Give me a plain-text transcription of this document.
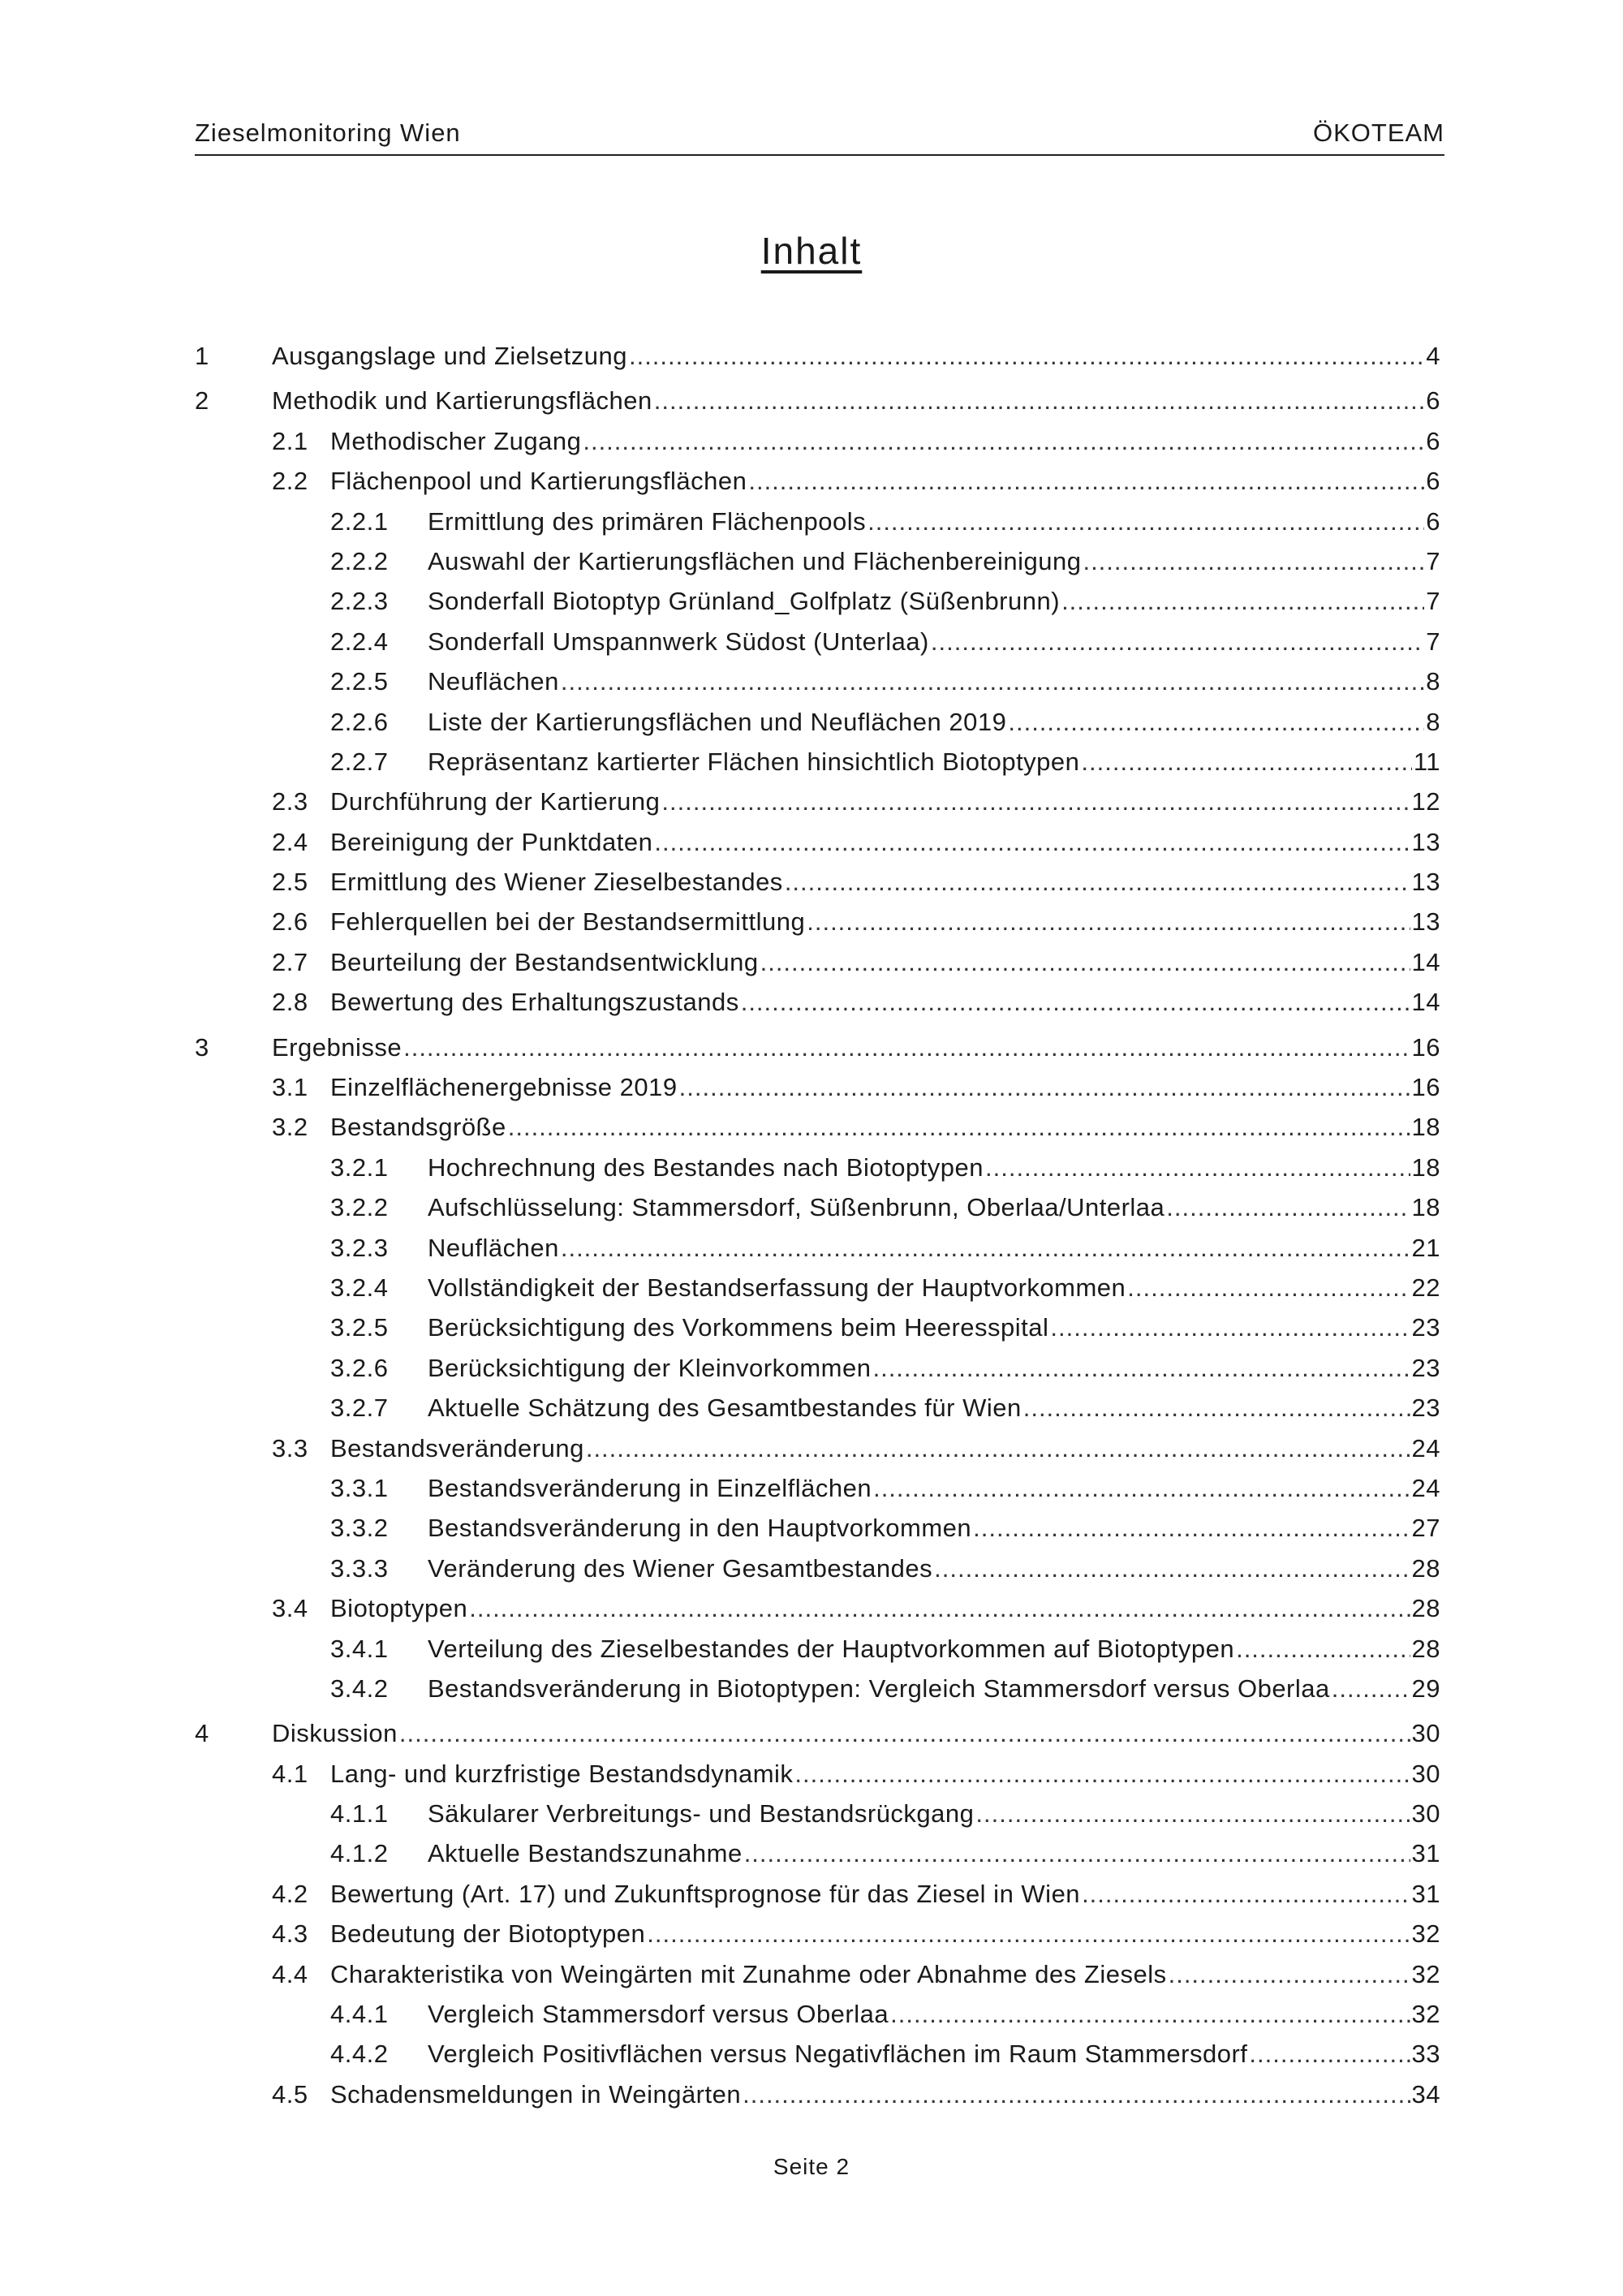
Zieselmonitoring Wien	ÖKOTEAM
Inhalt
1 Ausgangslage und Zielsetzung .....	4
2 Methodik und Kartierungsflächen .....	6
2.1 Methodischer Zugang .....	6
2.2 Flächenpool und Kartierungsflächen .....	6
2.2.1 Ermittlung des primären Flächenpools .....	6
2.2.2 Auswahl der Kartierungsflächen und Flächenbereinigung .....	7
2.2.3 Sonderfall Biotoptyp Grünland_Golfplatz (Süßenbrunn) .....	7
2.2.4 Sonderfall Umspannwerk Südost (Unterlaa) .....	7
2.2.5 Neuflächen .....	8
2.2.6 Liste der Kartierungsflächen und Neuflächen 2019 .....	8
2.2.7 Repräsentanz kartierter Flächen hinsichtlich Biotoptypen .....	11
2.3 Durchführung der Kartierung .....	12
2.4 Bereinigung der Punktdaten .....	13
2.5 Ermittlung des Wiener Zieselbestandes .....	13
2.6 Fehlerquellen bei der Bestandsermittlung .....	13
2.7 Beurteilung der Bestandsentwicklung .....	14
2.8 Bewertung des Erhaltungszustands .....	14
3 Ergebnisse .....	16
3.1 Einzelflächenergebnisse 2019 .....	16
3.2 Bestandsgröße .....	18
3.2.1 Hochrechnung des Bestandes nach Biotoptypen .....	18
3.2.2 Aufschlüsselung: Stammersdorf, Süßenbrunn, Oberlaa/Unterlaa .....	18
3.2.3 Neuflächen .....	21
3.2.4 Vollständigkeit der Bestandserfassung der Hauptvorkommen .....	22
3.2.5 Berücksichtigung des Vorkommens beim Heeresspital .....	23
3.2.6 Berücksichtigung der Kleinvorkommen .....	23
3.2.7 Aktuelle Schätzung des Gesamtbestandes für Wien .....	23
3.3 Bestandsveränderung .....	24
3.3.1 Bestandsveränderung in Einzelflächen .....	24
3.3.2 Bestandsveränderung in den Hauptvorkommen .....	27
3.3.3 Veränderung des Wiener Gesamtbestandes .....	28
3.4 Biotoptypen .....	28
3.4.1 Verteilung des Zieselbestandes der Hauptvorkommen auf Biotoptypen .....	28
3.4.2 Bestandsveränderung in Biotoptypen: Vergleich Stammersdorf versus Oberlaa .....	29
4 Diskussion .....	30
4.1 Lang- und kurzfristige Bestandsdynamik .....	30
4.1.1 Säkularer Verbreitungs- und Bestandsrückgang .....	30
4.1.2 Aktuelle Bestandszunahme .....	31
4.2 Bewertung (Art. 17) und Zukunftsprognose für das Ziesel in Wien .....	31
4.3 Bedeutung der Biotoptypen .....	32
4.4 Charakteristika von Weingärten mit Zunahme oder Abnahme des Ziesels .....	32
4.4.1 Vergleich Stammersdorf versus Oberlaa .....	32
4.4.2 Vergleich Positivflächen versus Negativflächen im Raum Stammersdorf .....	33
4.5 Schadensmeldungen in Weingärten .....	34
Seite 2
